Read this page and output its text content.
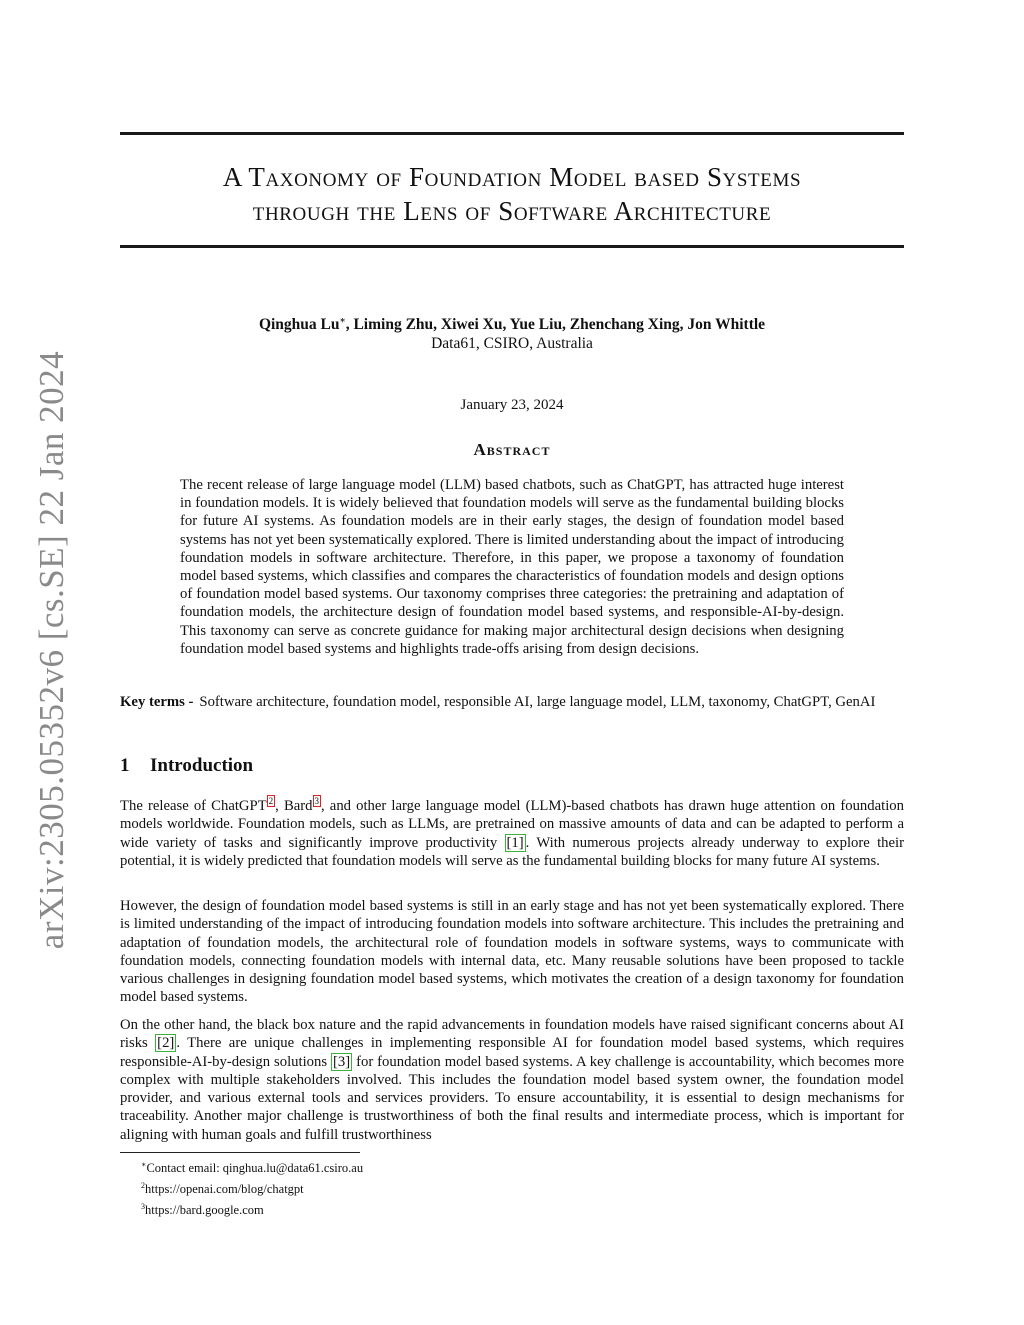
arXiv:2305.05352v6 [cs.SE] 22 Jan 2024
A Taxonomy of Foundation Model based Systems
through the Lens of Software Architecture
Qinghua Lu∗, Liming Zhu, Xiwei Xu, Yue Liu, Zhenchang Xing, Jon Whittle
Data61, CSIRO, Australia
January 23, 2024
Abstract

The recent release of large language model (LLM) based chatbots, such as ChatGPT, has attracted huge interest in foundation models. It is widely believed that foundation models will serve as the fundamental building blocks for future AI systems. As foundation models are in their early stages, the design of foundation model based systems has not yet been systematically explored. There is limited understanding about the impact of introducing foundation models in software architecture. Therefore, in this paper, we propose a taxonomy of foundation model based systems, which classifies and compares the characteristics of foundation models and design options of foundation model based systems. Our taxonomy comprises three categories: the pretraining and adaptation of foundation models, the architecture design of foundation model based systems, and responsible-AI-by-design. This taxonomy can serve as concrete guidance for making major architectural design decisions when designing foundation model based systems and highlights trade-offs arising from design decisions.

Key terms - Software architecture, foundation model, responsible AI, large language model, LLM, taxonomy, ChatGPT, GenAI

1 Introduction

The release of ChatGPT $^2$ , Bard $^3$ , and other large language model (LLM)-based chatbots has drawn huge attention on foundation models worldwide. Foundation models, such as LLMs, are pretrained on massive amounts of data and can be adapted to perform a wide variety of tasks and significantly improve productivity [1] . With numerous projects already underway to explore their potential, it is widely predicted that foundation models will serve as the fundamental building blocks for many future AI systems.

However, the design of foundation model based systems is still in an early stage and has not yet been systematically explored. There is limited understanding of the impact of introducing foundation models into software architecture. This includes the pretraining and adaptation of foundation models, the architectural role of foundation models in software systems, ways to communicate with foundation models, connecting foundation models with internal data, etc. Many reusable solutions have been proposed to tackle various challenges in designing foundation model based systems, which motivates the creation of a design taxonomy for foundation model based systems.

On the other hand, the black box nature and the rapid advancements in foundation models have raised significant concerns about AI risks [2] . There are unique challenges in implementing responsible AI for foundation model based systems, which requires responsible-AI-by-design solutions [3] for foundation model based systems. A key challenge is accountability, which becomes more complex with multiple stakeholders involved. This includes the foundation model based system owner, the foundation model provider, and various external tools and services providers. To ensure accountability, it is essential to design mechanisms for traceability. Another major challenge is trustworthiness of both the final results and intermediate process, which is important for aligning with human goals and fulfill trustworthiness

∗Contact email: qinghua.lu@data61.csiro.au
$^2$https://openai.com/blog/chatgpt
$^3$https://bard.google.com
